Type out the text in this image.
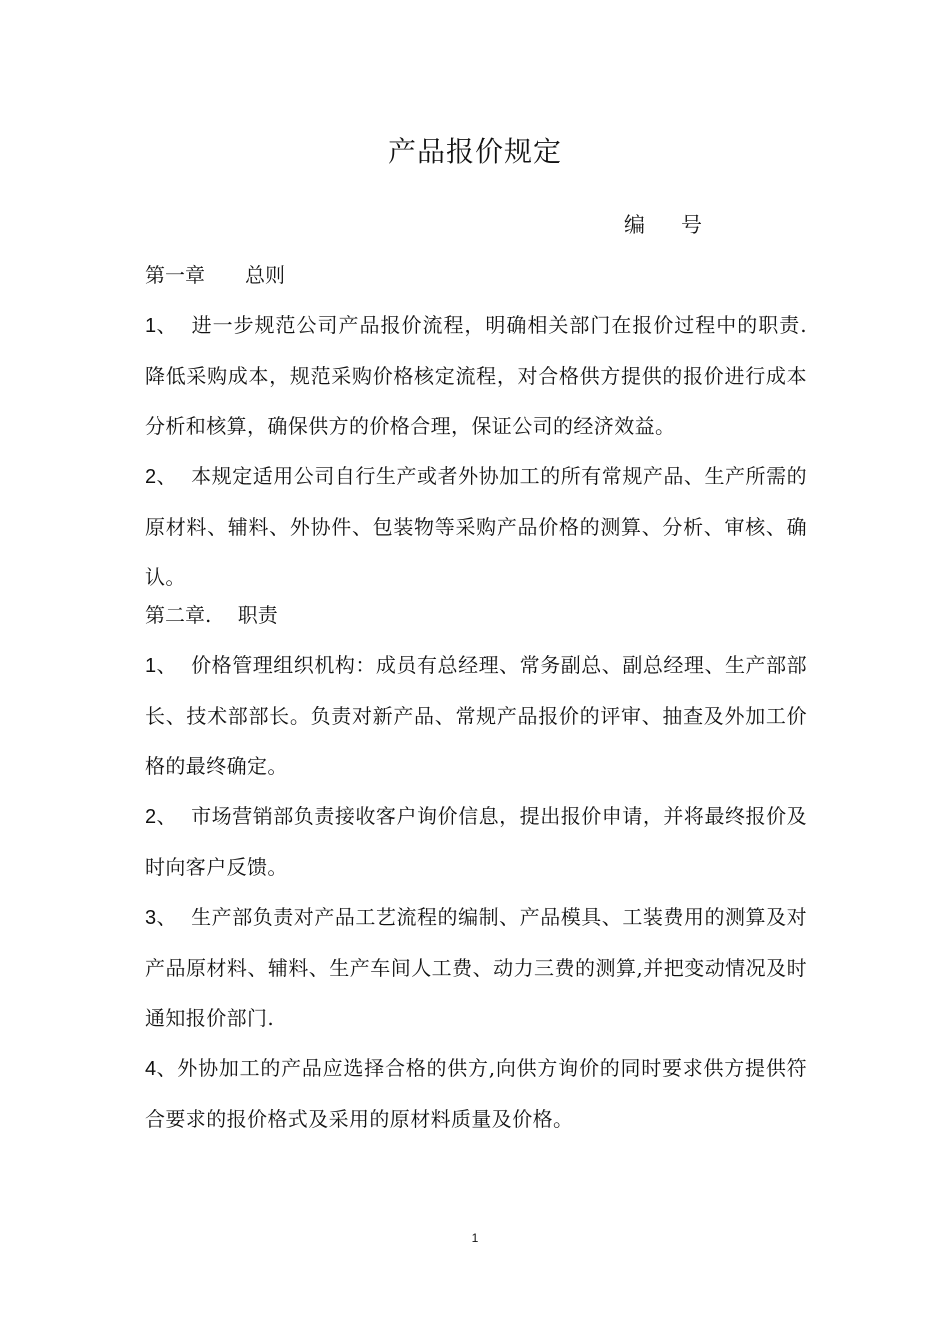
产品报价规定
编号
第一章　　总则

1、 进一步规范公司产品报价流程，明确相关部门在报价过程中的职责.降低采购成本，规范采购价格核定流程，对合格供方提供的报价进行成本分析和核算，确保供方的价格合理，保证公司的经济效益。

2、 本规定适用公司自行生产或者外协加工的所有常规产品、生产所需的原材料、辅料、外协件、包装物等采购产品价格的测算、分析、审核、确认。

第二章.　 职责

1、 价格管理组织机构：成员有总经理、常务副总、副总经理、生产部部长、技术部部长。负责对新产品、常规产品报价的评审、抽查及外加工价格的最终确定。

2、 市场营销部负责接收客户询价信息，提出报价申请，并将最终报价及时向客户反馈。

3、 生产部负责对产品工艺流程的编制、产品模具、工装费用的测算及对产品原材料、辅料、生产车间人工费、动力三费的测算,并把变动情况及时通知报价部门.

4、外协加工的产品应选择合格的供方,向供方询价的同时要求供方提供符合要求的报价格式及采用的原材料质量及价格。

1
